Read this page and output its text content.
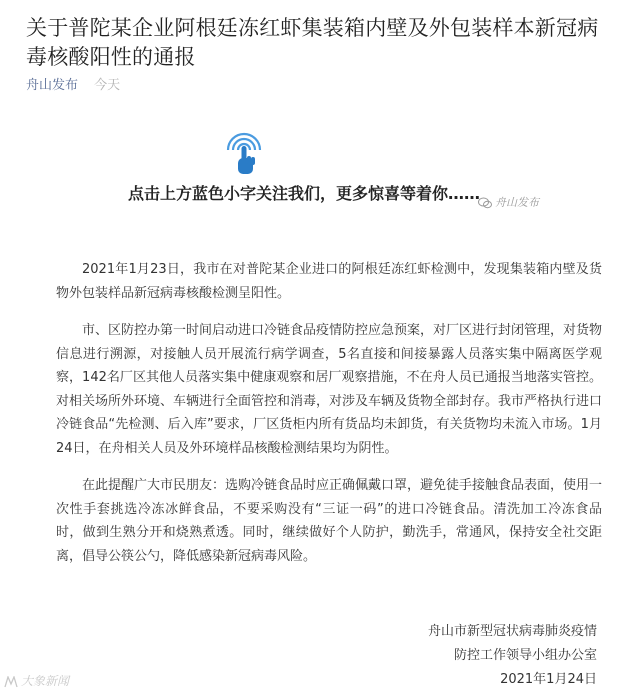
关于普陀某企业阿根廷冻红虾集装箱内壁及外包装样本新冠病毒核酸阳性的通报
舟山发布 今天
点击上方蓝色小字关注我们，更多惊喜等着你……	舟山发布

2021年1月23日，我市在对普陀某企业进口的阿根廷冻红虾检测中，发现集装箱内壁及货物外包装样品新冠病毒核酸检测呈阳性。

市、区防控办第一时间启动进口冷链食品疫情防控应急预案，对厂区进行封闭管理，对货物信息进行溯源，对接触人员开展流行病学调查，5名直接和间接暴露人员落实集中隔离医学观察，142名厂区其他人员落实集中健康观察和居厂观察措施，不在舟人员已通报当地落实管控。对相关场所外环境、车辆进行全面管控和消毒，对涉及车辆及货物全部封存。我市严格执行进口冷链食品“先检测、后入库”要求，厂区货柜内所有货品均未卸货，有关货物均未流入市场。1月24日，在舟相关人员及外环境样品核酸检测结果均为阴性。

在此提醒广大市民朋友：选购冷链食品时应正确佩戴口罩，避免徒手接触食品表面，使用一次性手套挑选冷冻冰鲜食品，不要采购没有“三证一码”的进口冷链食品。清洗加工冷冻食品时，做到生熟分开和烧熟煮透。同时，继续做好个人防护，勤洗手，常通风，保持安全社交距离，倡导公筷公勺，降低感染新冠病毒风险。

舟山市新型冠状病毒肺炎疫情
防控工作领导小组办公室
2021年1月24日
大象新闻
